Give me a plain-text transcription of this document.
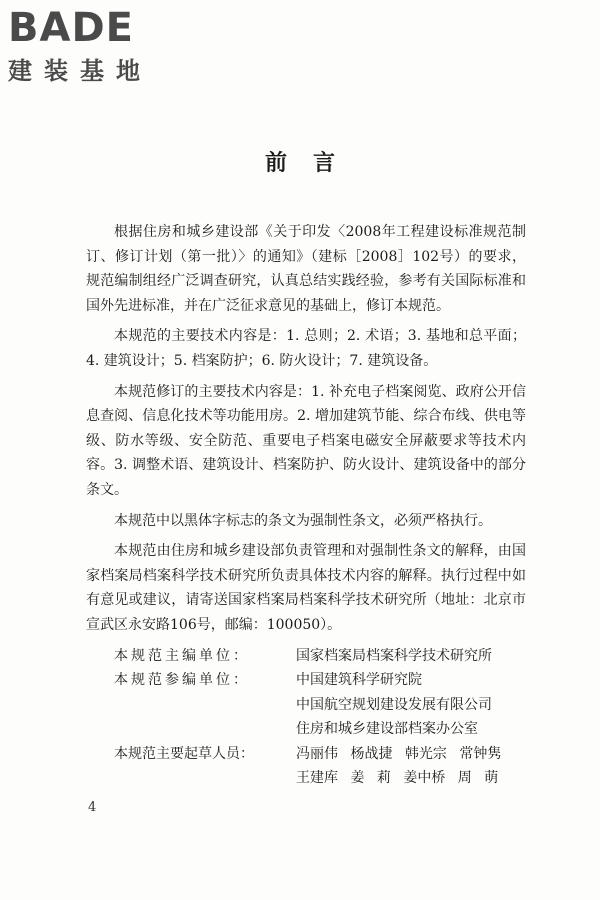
BADE
建装基地
前言

根据住房和城乡建设部《关于印发〈2008年工程建设标准规范制订、修订计划（第一批）〉的通知》（建标［2008］102号）的要求，规范编制组经广泛调查研究，认真总结实践经验，参考有关国际标准和国外先进标准，并在广泛征求意见的基础上，修订本规范。

本规范的主要技术内容是：1. 总则；2. 术语；3. 基地和总平面；4. 建筑设计；5. 档案防护；6. 防火设计；7. 建筑设备。

本规范修订的主要技术内容是：1. 补充电子档案阅览、政府公开信息查阅、信息化技术等功能用房。2. 增加建筑节能、综合布线、供电等级、防水等级、安全防范、重要电子档案电磁安全屏蔽要求等技术内容。3. 调整术语、建筑设计、档案防护、防火设计、建筑设备中的部分条文。

本规范中以黑体字标志的条文为强制性条文，必须严格执行。

本规范由住房和城乡建设部负责管理和对强制性条文的解释，由国家档案局档案科学技术研究所负责具体技术内容的解释。执行过程中如有意见或建议，请寄送国家档案局档案科学技术研究所（地址：北京市宣武区永安路106号，邮编：100050）。

本规范主编单位：	国家档案局档案科学技术研究所
本规范参编单位：	中国建筑科学研究院
中国航空规划建设发展有限公司
住房和城乡建设部档案办公室
本规范主要起草人员：	冯丽伟 杨战捷 韩光宗 常钟隽
王建库 姜 莉 姜中桥 周 萌
4
